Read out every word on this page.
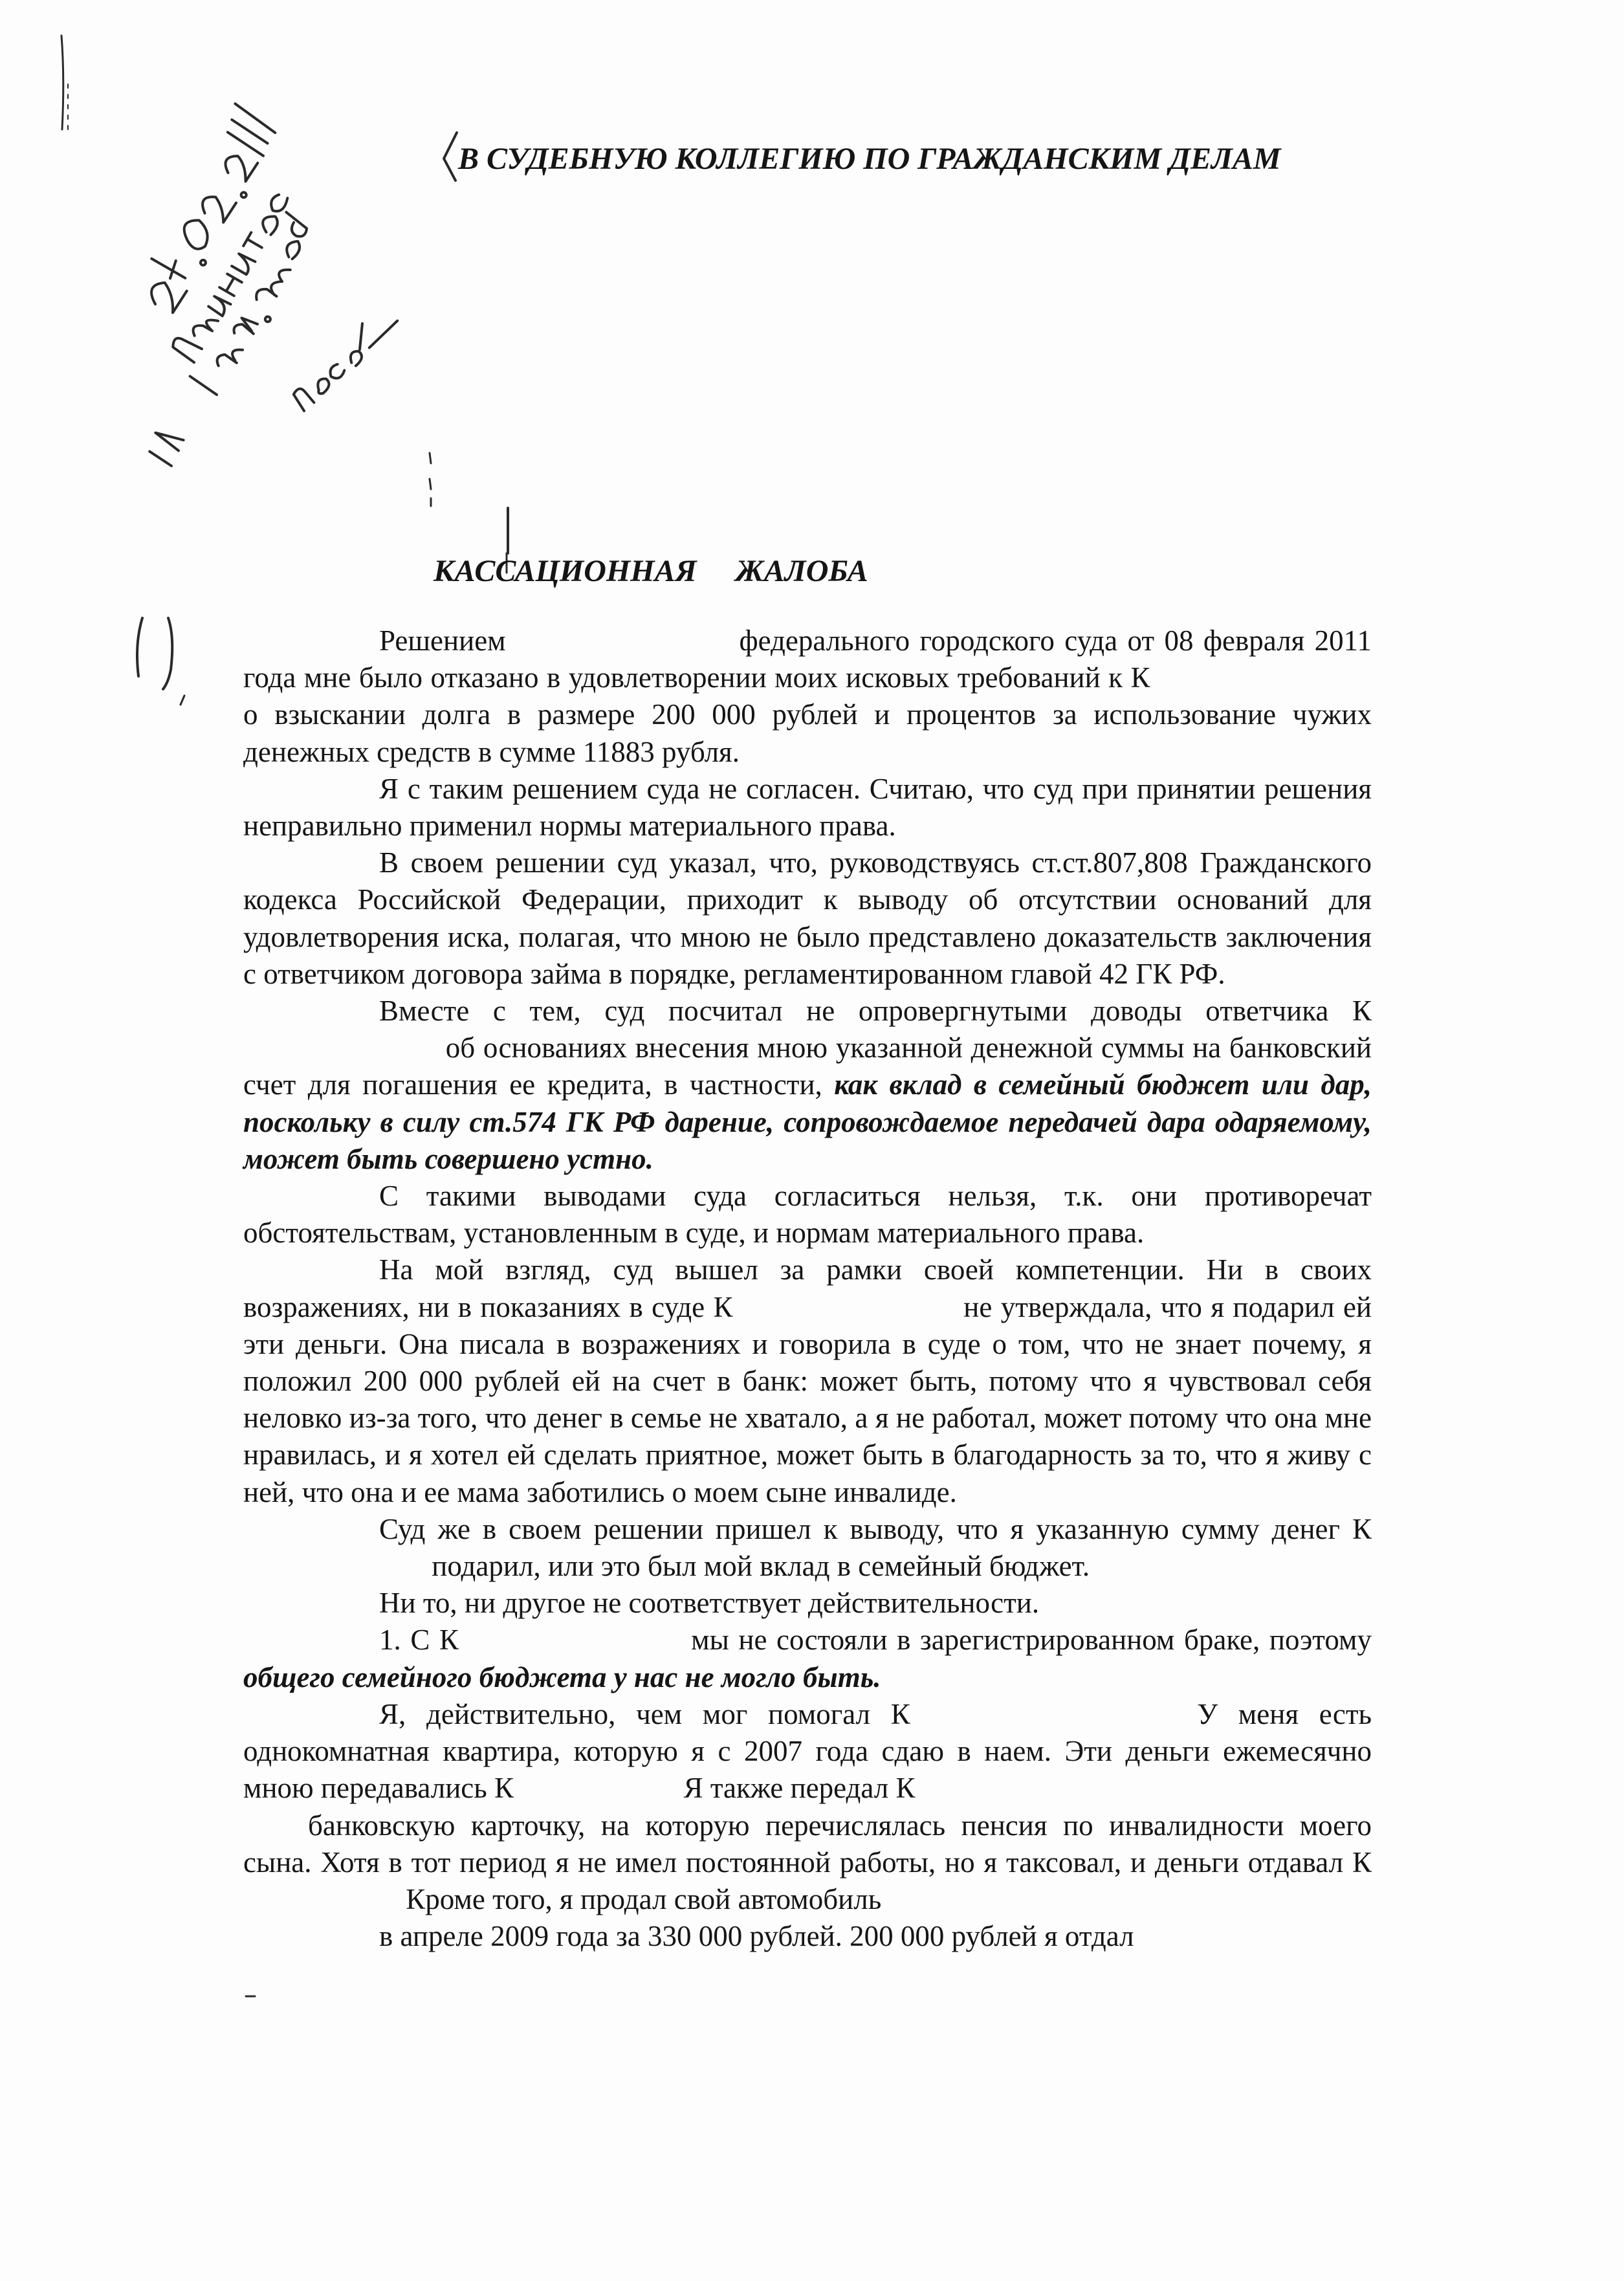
В СУДЕБНУЮ КОЛЛЕГИЮ ПО ГРАЖДАНСКИМ ДЕЛАМ
КАССАЦИОННАЯ     ЖАЛОБА

Решением	федерального городского суда от 08 февраля 2011 года мне было отказано в удовлетворении моих исковых требований к К  о взыскании долга в размере 200 000 рублей и процентов за использование чужих денежных средств в сумме 11883 рубля.

Я с таким решением суда не согласен. Считаю, что суд при принятии решения неправильно применил нормы материального права.

В своем решении суд указал, что, руководствуясь ст.ст.807,808 Гражданского кодекса Российской Федерации, приходит к выводу об отсутствии оснований для удовлетворения иска, полагая, что мною не было представлено доказательств заключения с ответчиком договора займа в порядке, регламентированном главой 42 ГК РФ.

Вместе с тем, суд посчитал не опровергнутыми доводы ответчика К  об основаниях внесения мною указанной денежной суммы на банковский счет для погашения ее кредита, в частности, как вклад в семейный бюджет или дар, поскольку в силу ст.574 ГК РФ дарение, сопровождаемое передачей дара одаряемому, может быть совершено устно.

С такими выводами суда согласиться нельзя, т.к. они противоречат обстоятельствам, установленным в суде, и нормам материального права.

На мой взгляд, суд вышел за рамки своей компетенции. Ни в своих возражениях, ни в показаниях в суде К	не утверждала, что я подарил ей эти деньги. Она писала в возражениях и говорила в суде о том, что не знает почему, я положил 200 000 рублей ей на счет в банк: может быть, потому что я чувствовал себя неловко из-за того, что денег в семье не хватало, а я не работал, может потому что она мне нравилась, и я хотел ей сделать приятное, может быть в благодарность за то, что я живу с ней, что она и ее мама заботились о моем сыне инвалиде.

Суд же в своем решении пришел к выводу, что я указанную сумму денег К  подарил, или это был мой вклад в семейный бюджет.

Ни то, ни другое не соответствует действительности.

1. С К	мы не состояли в зарегистрированном браке, поэтому общего семейного бюджета у нас не могло быть.

Я, действительно, чем мог помогал К	У меня есть однокомнатная квартира, которую я с 2007 года сдаю в наем. Эти деньги ежемесячно мною передавались К	Я также передал К

банковскую карточку, на которую перечислялась пенсия по инвалидности моего сына. Хотя в тот период я не имел постоянной работы, но я таксовал, и деньги отдавал К  Кроме того, я продал свой автомобиль

в апреле 2009 года за 330 000 рублей. 200 000 рублей я отдал
